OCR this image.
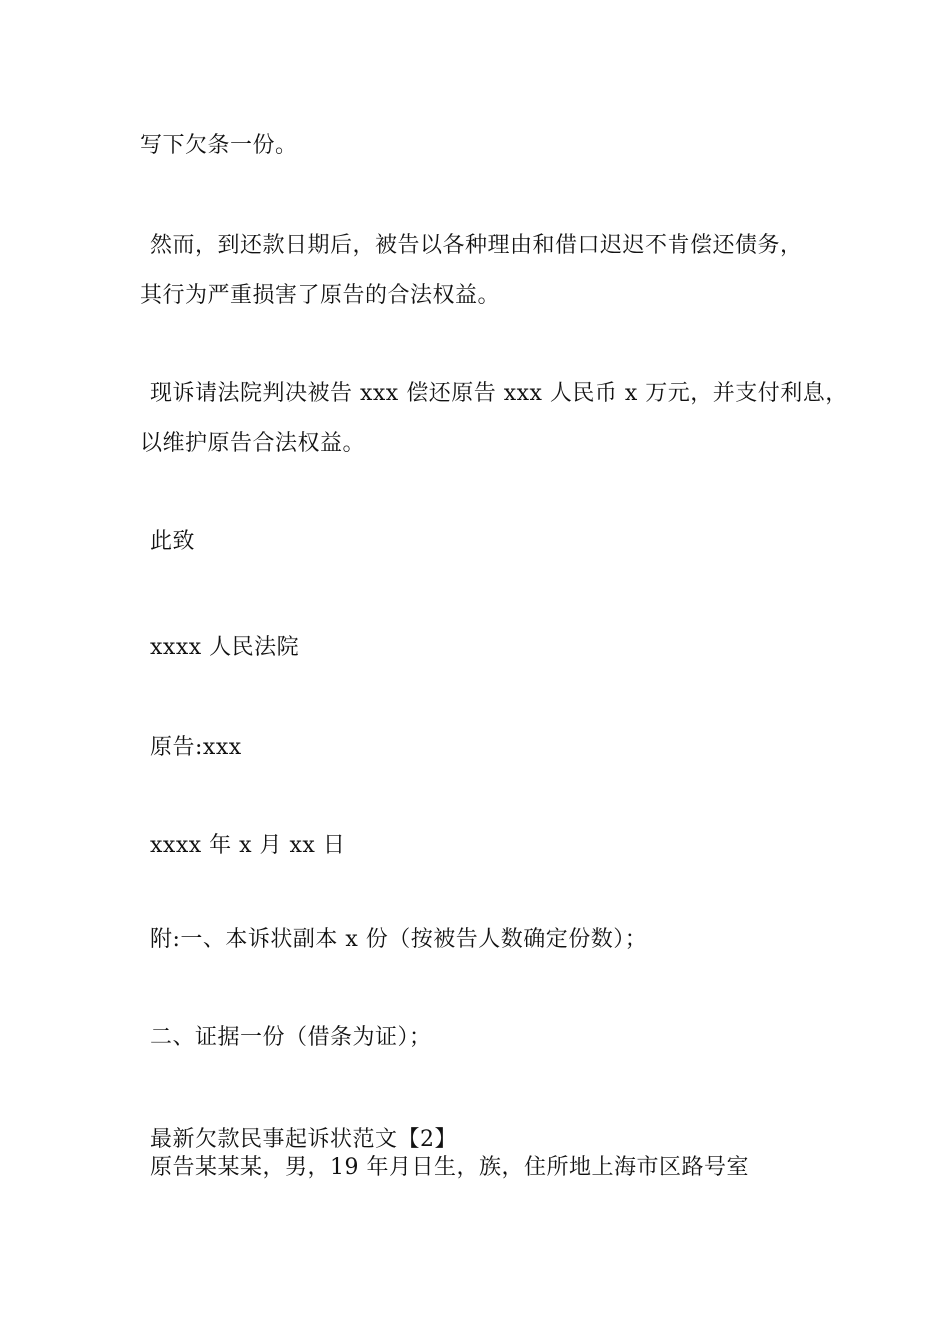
写下欠条一份。
然而，到还款日期后，被告以各种理由和借口迟迟不肯偿还债务，
其行为严重损害了原告的合法权益。
现诉请法院判决被告 xxx 偿还原告 xxx 人民币 x 万元，并支付利息，
以维护原告合法权益。
此致
xxxx 人民法院
原告:xxx
xxxx 年 x 月 xx 日
附:一、本诉状副本 x 份（按被告人数确定份数）；
二、证据一份（借条为证）；
最新欠款民事起诉状范文【2】
原告某某某，男，19 年月日生，族，住所地上海市区路号室
